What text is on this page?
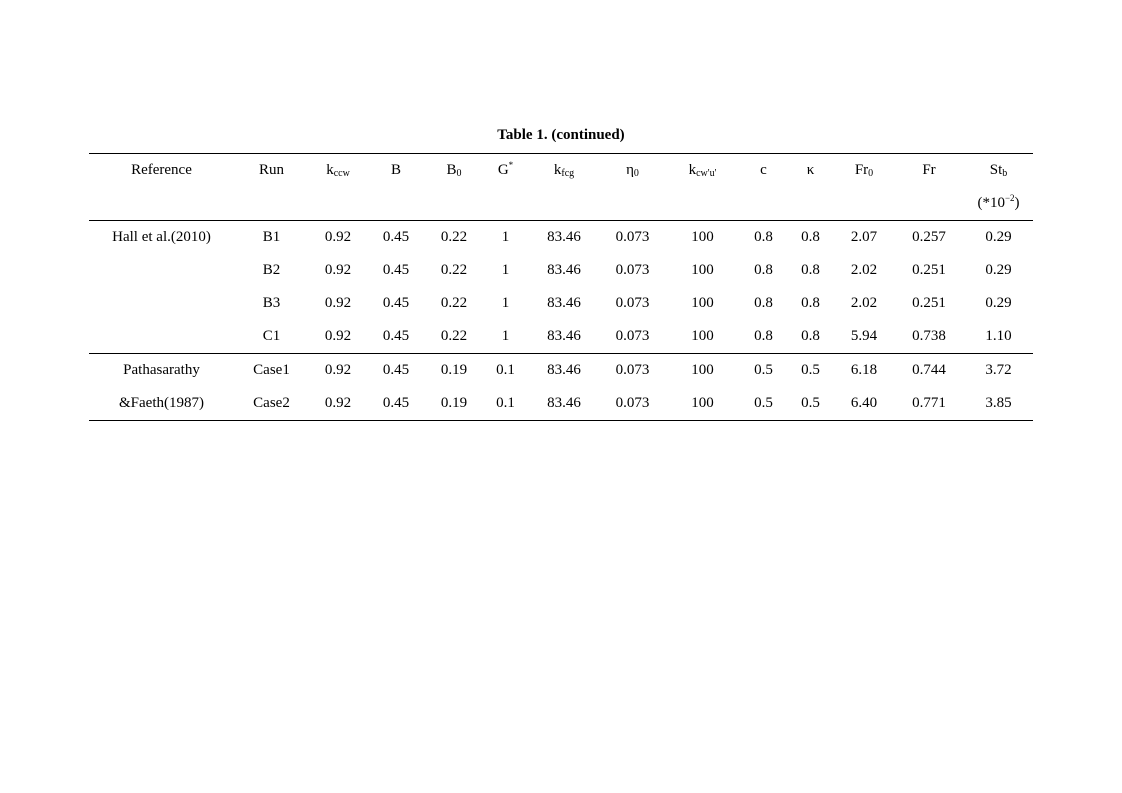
Table 1. (continued)
Reference	Run	$k_{ccw}$	B	$B_0$	G*	$k_{fcg}$	$\eta_0$	$k_{cw'u'}$	c	κ	$Fr_0$	Fr	$St_b$
													$(*10^{-2})$
Hall et al.(2010)	B1	0.92	0.45	0.22	1	83.46	0.073	100	0.8	0.8	2.07	0.257	0.29
	B2	0.92	0.45	0.22	1	83.46	0.073	100	0.8	0.8	2.02	0.251	0.29
	B3	0.92	0.45	0.22	1	83.46	0.073	100	0.8	0.8	2.02	0.251	0.29
	C1	0.92	0.45	0.22	1	83.46	0.073	100	0.8	0.8	5.94	0.738	1.10
Pathasarathy	Case1	0.92	0.45	0.19	0.1	83.46	0.073	100	0.5	0.5	6.18	0.744	3.72
&Faeth(1987)	Case2	0.92	0.45	0.19	0.1	83.46	0.073	100	0.5	0.5	6.40	0.771	3.85
